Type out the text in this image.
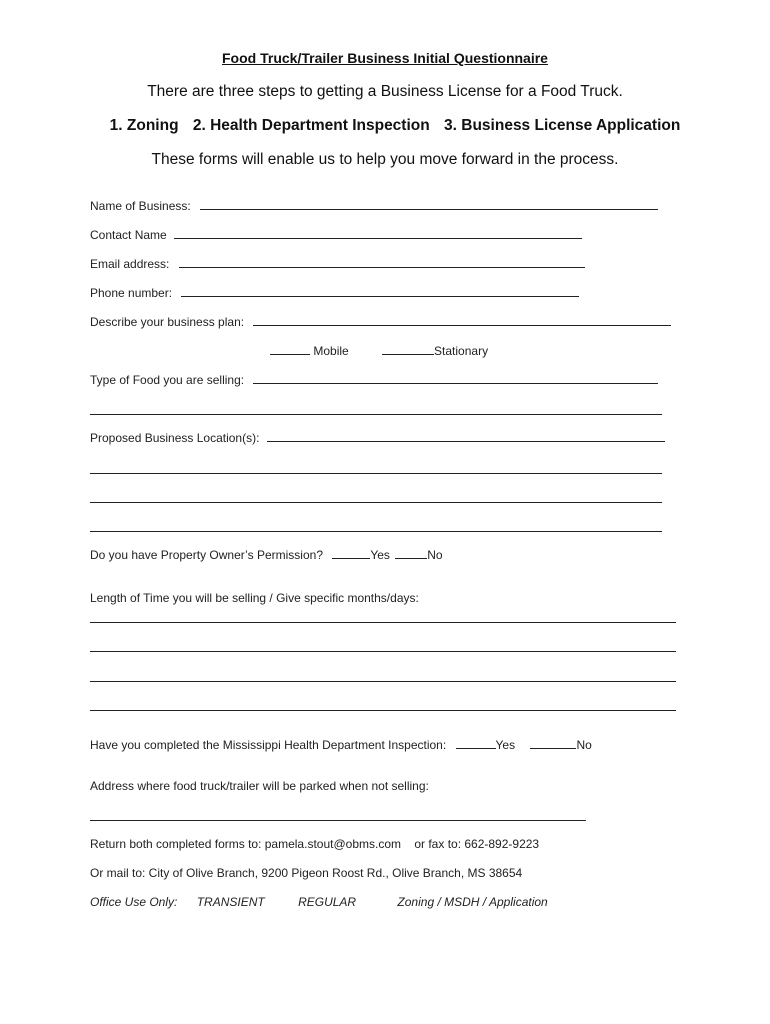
Food Truck/Trailer Business Initial Questionnaire
There are three steps to getting a Business License for a Food Truck.
1. Zoning 2. Health Department Inspection 3. Business License Application
These forms will enable us to help you move forward in the process.
Name of Business:
Contact Name
Email address:
Phone number:
Describe your business plan:
Mobile	Stationary
Type of Food you are selling:
Proposed Business Location(s):
Do you have Property Owner’s Permission?	Yes	No
Length of Time you will be selling / Give specific months/days:
Have you completed the Mississippi Health Department Inspection:	Yes	No
Address where food truck/trailer will be parked when not selling:
Return both completed forms to: pamela.stout@obms.com or fax to: 662-892-9223
Or mail to: City of Olive Branch, 9200 Pigeon Roost Rd., Olive Branch, MS 38654
Office Use Only: TRANSIENT	REGULAR	Zoning / MSDH / Application
